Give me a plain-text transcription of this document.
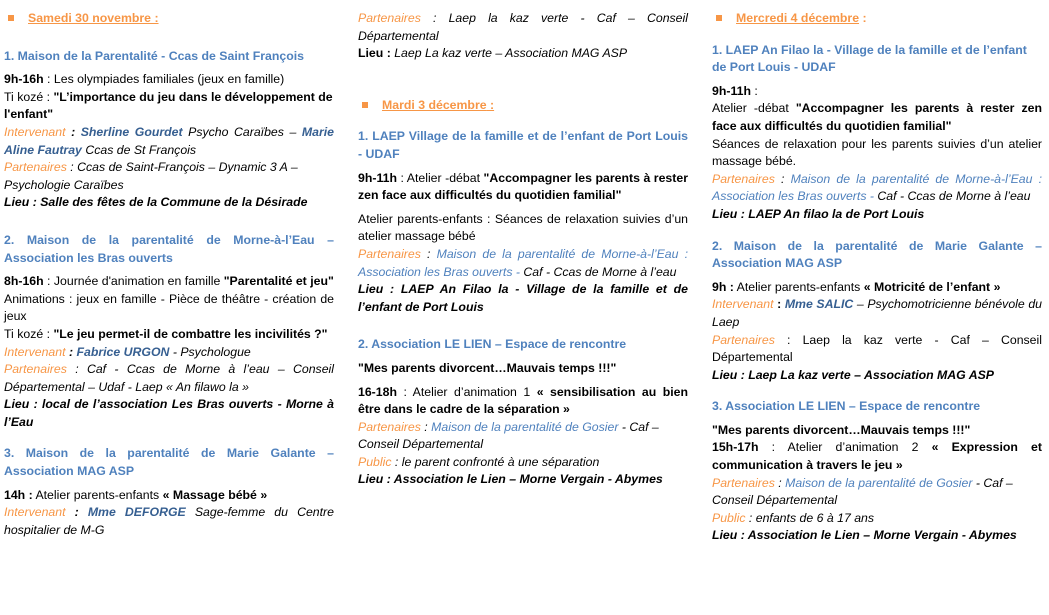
Samedi 30 novembre :

1. Maison de la Parentalité - Ccas de Saint François

9h-16h : Les olympiades familiales (jeux en famille)

Ti kozé : "L’importance du jeu dans le développement de l'enfant"

Intervenant : Sherline Gourdet Psycho Caraïbes – Marie Aline Fautray Ccas de St François

Partenaires : Ccas de Saint-François – Dynamic 3 A – Psychologie Caraïbes

Lieu : Salle des fêtes de la Commune de la Désirade

2. Maison de la parentalité de Morne-à-l’Eau – Association les Bras ouverts

8h-16h : Journée d'animation en famille "Parentalité et jeu"

Animations : jeux en famille - Pièce de théâtre - création de jeux

Ti kozé : "Le jeu permet-il de combattre les incivilités ?"

Intervenant : Fabrice URGON - Psychologue

Partenaires : Caf - Ccas de Morne à l’eau – Conseil Départemental – Udaf - Laep « An filawo la »

Lieu : local de l’association Les Bras ouverts - Morne à l’Eau

3. Maison de la parentalité de Marie Galante – Association MAG ASP

14h : Atelier parents-enfants « Massage bébé »

Intervenant : Mme DEFORGE Sage-femme du Centre hospitalier de M-G

Partenaires : Laep la kaz verte - Caf – Conseil Départemental

Lieu : Laep La kaz verte – Association MAG ASP

Mardi 3 décembre :

1. LAEP Village de la famille et de l’enfant de Port Louis - UDAF

9h-11h : Atelier -débat "Accompagner les parents à rester zen face aux difficultés du quotidien familial"

Atelier parents-enfants : Séances de relaxation suivies d’un atelier massage bébé

Partenaires : Maison de la parentalité de Morne-à-l’Eau : Association les Bras ouverts - Caf - Ccas de Morne à l’eau

Lieu : LAEP An Filao la - Village de la famille et de l’enfant de Port Louis

2. Association LE LIEN – Espace de rencontre

"Mes parents divorcent…Mauvais temps !!!"

16-18h : Atelier d’animation 1 « sensibilisation au bien être dans le cadre de la séparation »

Partenaires : Maison de la parentalité de Gosier - Caf – Conseil Départemental

Public : le parent confronté à une séparation

Lieu : Association le Lien – Morne Vergain - Abymes

Mercredi 4 décembre :

1. LAEP An Filao la - Village de la famille et de l’enfant de Port Louis - UDAF

9h-11h :

Atelier -débat "Accompagner les parents à rester zen face aux difficultés du quotidien familial"

Séances de relaxation pour les parents suivies d’un atelier massage bébé.

Partenaires : Maison de la parentalité de Morne-à-l’Eau : Association les Bras ouverts - Caf - Ccas de Morne à l’eau

Lieu : LAEP An filao la de Port Louis

2. Maison de la parentalité de Marie Galante – Association MAG ASP

9h : Atelier parents-enfants « Motricité de l’enfant »

Intervenant : Mme SALIC – Psychomotricienne bénévole du Laep

Partenaires : Laep la kaz verte - Caf – Conseil Départemental

Lieu : Laep La kaz verte – Association MAG ASP

3. Association LE LIEN – Espace de rencontre

"Mes parents divorcent…Mauvais temps !!!"

15h-17h : Atelier d’animation 2 « Expression et communication à travers le jeu »

Partenaires : Maison de la parentalité de Gosier - Caf – Conseil Départemental

Public : enfants de 6 à 17 ans

Lieu : Association le Lien – Morne Vergain - Abymes
